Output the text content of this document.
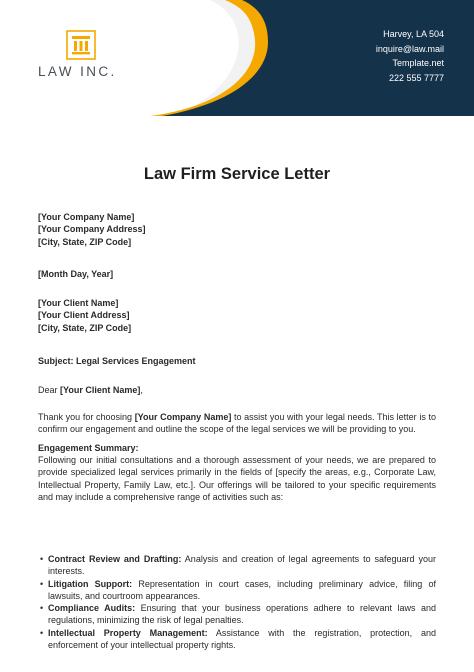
LAW INC.
Harvey, LA 504
inquire@law.mail
Template.net
222 555 7777
Law Firm Service Letter
[Your Company Name]
[Your Company Address]
[City, State, ZIP Code]
[Month Day, Year]
[Your Client Name]
[Your Client Address]
[City, State, ZIP Code]
Subject: Legal Services Engagement
Dear [Your Client Name],
Thank you for choosing [Your Company Name] to assist you with your legal needs. This letter is to confirm our engagement and outline the scope of the legal services we will be providing to you.
Engagement Summary:
Following our initial consultations and a thorough assessment of your needs, we are prepared to provide specialized legal services primarily in the fields of [specify the areas, e.g., Corporate Law, Intellectual Property, Family Law, etc.]. Our offerings will be tailored to your specific requirements and may include a comprehensive range of activities such as:
• Contract Review and Drafting: Analysis and creation of legal agreements to safeguard your interests.
• Litigation Support: Representation in court cases, including preliminary advice, filing of lawsuits, and courtroom appearances.
• Compliance Audits: Ensuring that your business operations adhere to relevant laws and regulations, minimizing the risk of legal penalties.
• Intellectual Property Management: Assistance with the registration, protection, and enforcement of your intellectual property rights.
